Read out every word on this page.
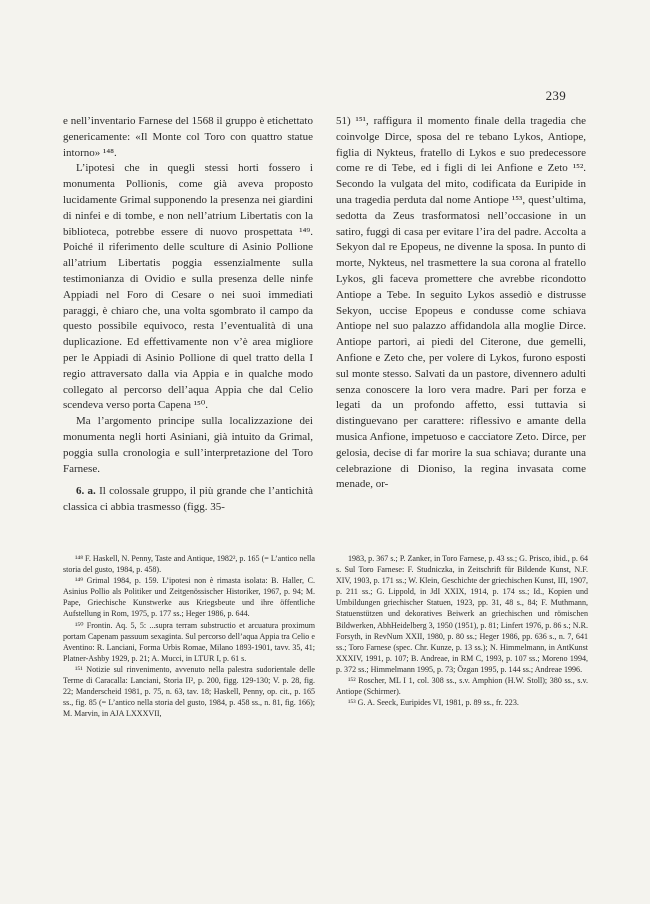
239

e nell’inventario Farnese del 1568 il gruppo è etichettato genericamente: «Il Monte col Toro con quattro statue intorno» ¹⁴⁸.

L’ipotesi che in quegli stessi horti fossero i monumenta Pollionis, come già aveva proposto lucidamente Grimal supponendo la presenza nei giardini di ninfei e di tombe, e non nell’atrium Libertatis con la biblioteca, potrebbe essere di nuovo prospettata ¹⁴⁹. Poiché il riferimento delle sculture di Asinio Pollione all’atrium Libertatis poggia essenzialmente sulla testimonianza di Ovidio e sulla presenza delle ninfe Appiadi nel Foro di Cesare o nei suoi immediati paraggi, è chiaro che, una volta sgombrato il campo da questo possibile equivoco, resta l’eventualità di una duplicazione. Ed effettivamente non v’è area migliore per le Appiadi di Asinio Pollione di quel tratto della I regio attraversato dalla via Appia e in qualche modo collegato al percorso dell’aqua Appia che dal Celio scendeva verso porta Capena ¹⁵⁰.

Ma l’argomento principe sulla localizzazione dei monumenta negli horti Asiniani, già intuito da Grimal, poggia sulla cronologia e sull’interpretazione del Toro Farnese.

6. a. Il colossale gruppo, il più grande che l’antichità classica ci abbia trasmesso (figg. 35-

51) ¹⁵¹, raffigura il momento finale della tragedia che coinvolge Dirce, sposa del re tebano Lykos, Antiope, figlia di Nykteus, fratello di Lykos e suo predecessore come re di Tebe, ed i figli di lei Anfione e Zeto ¹⁵². Secondo la vulgata del mito, codificata da Euripide in una tragedia perduta dal nome Antiope ¹⁵³, quest’ultima, sedotta da Zeus trasformatosi nell’occasione in un satiro, fuggì di casa per evitare l’ira del padre. Accolta a Sekyon dal re Epopeus, ne divenne la sposa. In punto di morte, Nykteus, nel trasmettere la sua corona al fratello Lykos, gli faceva promettere che avrebbe ricondotto Antiope a Tebe. In seguito Lykos assediò e distrusse Sekyon, uccise Epopeus e condusse come schiava Antiope nel suo palazzo affidandola alla moglie Dirce. Antiope partorì, ai piedi del Citerone, due gemelli, Anfione e Zeto che, per volere di Lykos, furono esposti sul monte stesso. Salvati da un pastore, divennero adulti senza conoscere la loro vera madre. Pari per forza e legati da un profondo affetto, essi tuttavia si distinguevano per carattere: riflessivo e amante della musica Anfione, impetuoso e cacciatore Zeto. Dirce, per gelosia, decise di far morire la sua schiava; durante una celebrazione di Dioniso, la regina invasata come menade, or-

¹⁴⁸ F. Haskell, N. Penny, Taste and Antique, 1982², p. 165 (= L’antico nella storia del gusto, 1984, p. 458).

¹⁴⁹ Grimal 1984, p. 159. L’ipotesi non è rimasta isolata: B. Haller, C. Asinius Pollio als Politiker und Zeitgenössischer Historiker, 1967, p. 94; M. Pape, Griechische Kunstwerke aus Kriegsbeute und ihre öffentliche Aufstellung in Rom, 1975, p. 177 ss.; Heger 1986, p. 644.

¹⁵⁰ Frontin. Aq. 5, 5: ...supra terram substructio et arcuatura proximum portam Capenam passuum sexaginta. Sul percorso dell’aqua Appia tra Celio e Aventino: R. Lanciani, Forma Urbis Romae, Milano 1893-1901, tavv. 35, 41; Platner-Ashby 1929, p. 21; A. Mucci, in LTUR I, p. 61 s.

¹⁵¹ Notizie sul rinvenimento, avvenuto nella palestra sudorientale delle Terme di Caracalla: Lanciani, Storia II², p. 200, figg. 129-130; V. p. 28, fig. 22; Manderscheid 1981, p. 75, n. 63, tav. 18; Haskell, Penny, op. cit., p. 165 ss., fig. 85 (= L’antico nella storia del gusto, 1984, p. 458 ss., n. 81, fig. 166); M. Marvin, in AJA LXXXVII,

1983, p. 367 s.; P. Zanker, in Toro Farnese, p. 43 ss.; G. Prisco, ibid., p. 64 s. Sul Toro Farnese: F. Studniczka, in Zeitschrift für Bildende Kunst, N.F. XIV, 1903, p. 171 ss.; W. Klein, Geschichte der griechischen Kunst, III, 1907, p. 211 ss.; G. Lippold, in JdI XXIX, 1914, p. 174 ss.; Id., Kopien und Umbildungen griechischer Statuen, 1923, pp. 31, 48 s., 84; F. Muthmann, Statuenstützen und dekoratives Beiwerk an griechischen und römischen Bildwerken, AbhHeidelberg 3, 1950 (1951), p. 81; Linfert 1976, p. 86 s.; N.R. Forsyth, in RevNum XXII, 1980, p. 80 ss.; Heger 1986, pp. 636 s., n. 7, 641 ss.; Toro Farnese (spec. Chr. Kunze, p. 13 ss.); N. Himmelmann, in AntKunst XXXIV, 1991, p. 107; B. Andreae, in RM C, 1993, p. 107 ss.; Moreno 1994, p. 372 ss.; Himmelmann 1995, p. 73; Özgan 1995, p. 144 ss.; Andreae 1996.

¹⁵² Roscher, ML I 1, col. 308 ss., s.v. Amphion (H.W. Stoll); 380 ss., s.v. Antiope (Schirmer).

¹⁵³ G. A. Seeck, Euripides VI, 1981, p. 89 ss., fr. 223.
